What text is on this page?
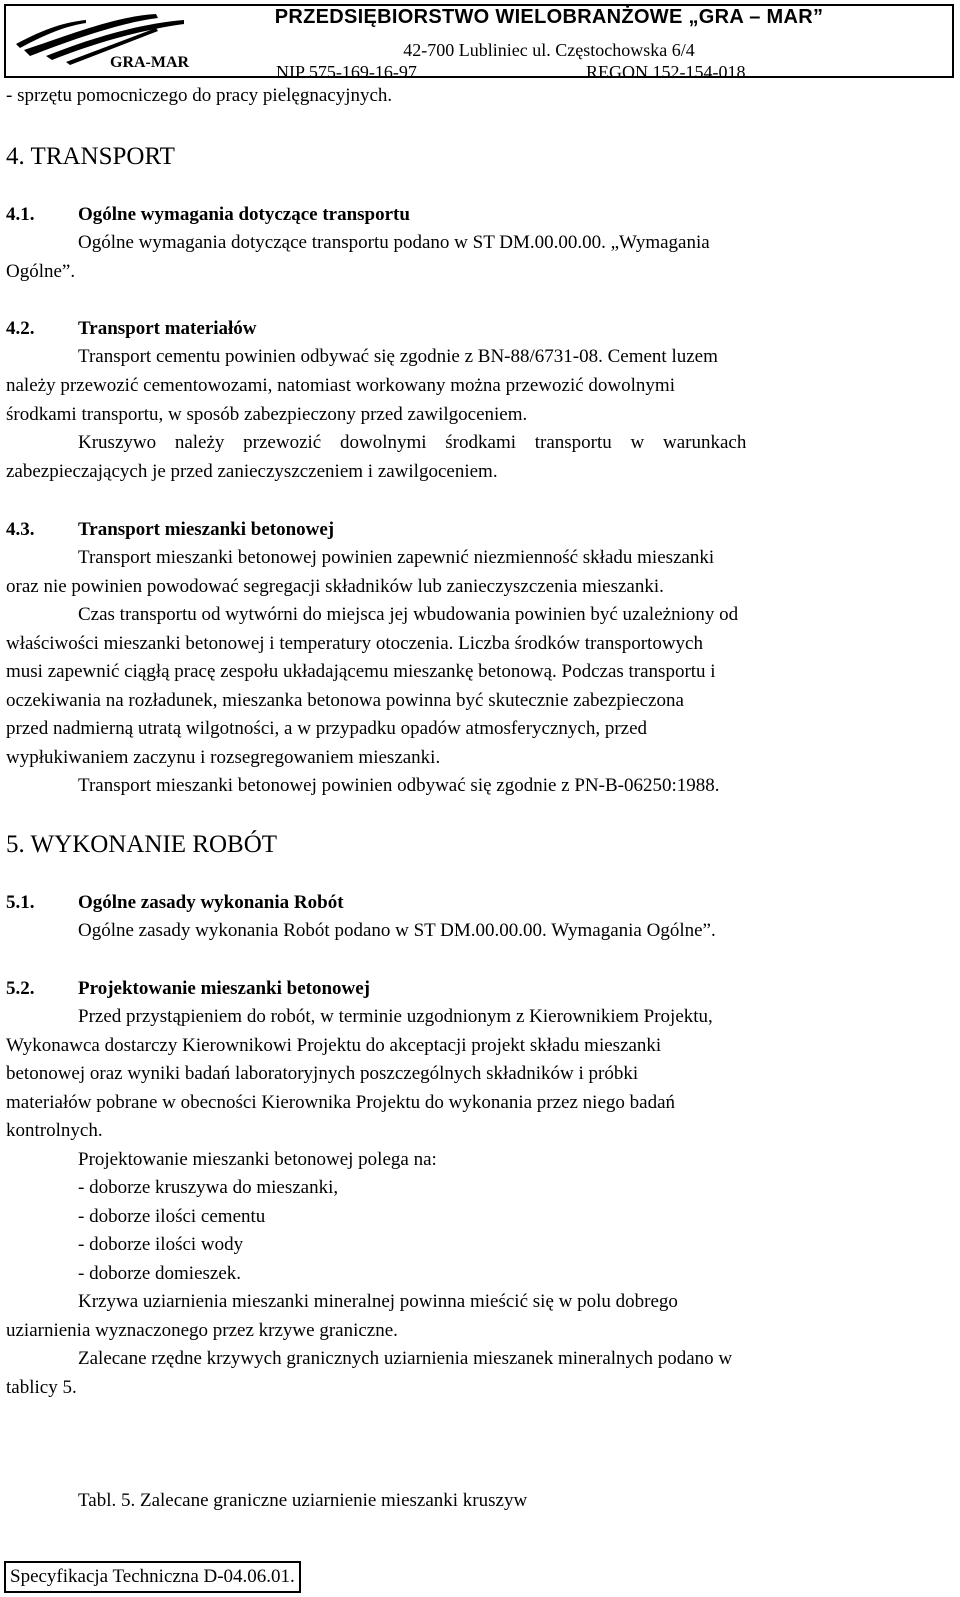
GRA-MAR
PRZEDSIĘBIORSTWO WIELOBRANŻOWE „GRA – MAR”
42-700 Lubliniec ul. Częstochowska 6/4
NIP 575-169-16-97	REGON 152-154-018
- sprzętu pomocniczego do pracy pielęgnacyjnych.
4. TRANSPORT
4.1. Ogólne wymagania dotyczące transportu
Ogólne wymagania dotyczące transportu podano w ST DM.00.00.00. „Wymagania
Ogólne”.
4.2. Transport materiałów
Transport cementu powinien odbywać się zgodnie z BN-88/6731-08. Cement luzem
należy przewozić cementowozami, natomiast workowany można przewozić dowolnymi
środkami transportu, w sposób zabezpieczony przed zawilgoceniem.
Kruszywo należy przewozić dowolnymi środkami transportu w warunkach
zabezpieczających je przed zanieczyszczeniem i zawilgoceniem.
4.3. Transport mieszanki betonowej
Transport mieszanki betonowej powinien zapewnić niezmienność składu mieszanki
oraz nie powinien powodować segregacji składników lub zanieczyszczenia mieszanki.
Czas transportu od wytwórni do miejsca jej wbudowania powinien być uzależniony od
właściwości mieszanki betonowej i temperatury otoczenia. Liczba środków transportowych
musi zapewnić ciągłą pracę zespołu układającemu mieszankę betonową. Podczas transportu i
oczekiwania na rozładunek, mieszanka betonowa powinna być skutecznie zabezpieczona
przed nadmierną utratą wilgotności, a w przypadku opadów atmosferycznych, przed
wypłukiwaniem zaczynu i rozsegregowaniem mieszanki.
Transport mieszanki betonowej powinien odbywać się zgodnie z PN-B-06250:1988.
5. WYKONANIE ROBÓT
5.1. Ogólne zasady wykonania Robót
Ogólne zasady wykonania Robót podano w ST DM.00.00.00. Wymagania Ogólne”.
5.2. Projektowanie mieszanki betonowej
Przed przystąpieniem do robót, w terminie uzgodnionym z Kierownikiem Projektu,
Wykonawca dostarczy Kierownikowi Projektu do akceptacji projekt składu mieszanki
betonowej oraz wyniki badań laboratoryjnych poszczególnych składników i próbki
materiałów pobrane w obecności Kierownika Projektu do wykonania przez niego badań
kontrolnych.
Projektowanie mieszanki betonowej polega na:
- doborze kruszywa do mieszanki,
- doborze ilości cementu
- doborze ilości wody
- doborze domieszek.
Krzywa uziarnienia mieszanki mineralnej powinna mieścić się w polu dobrego
uziarnienia wyznaczonego przez krzywe graniczne.
Zalecane rzędne krzywych granicznych uziarnienia mieszanek mineralnych podano w
tablicy 5.
Tabl. 5. Zalecane graniczne uziarnienie mieszanki kruszyw
Specyfikacja Techniczna D-04.06.01.
